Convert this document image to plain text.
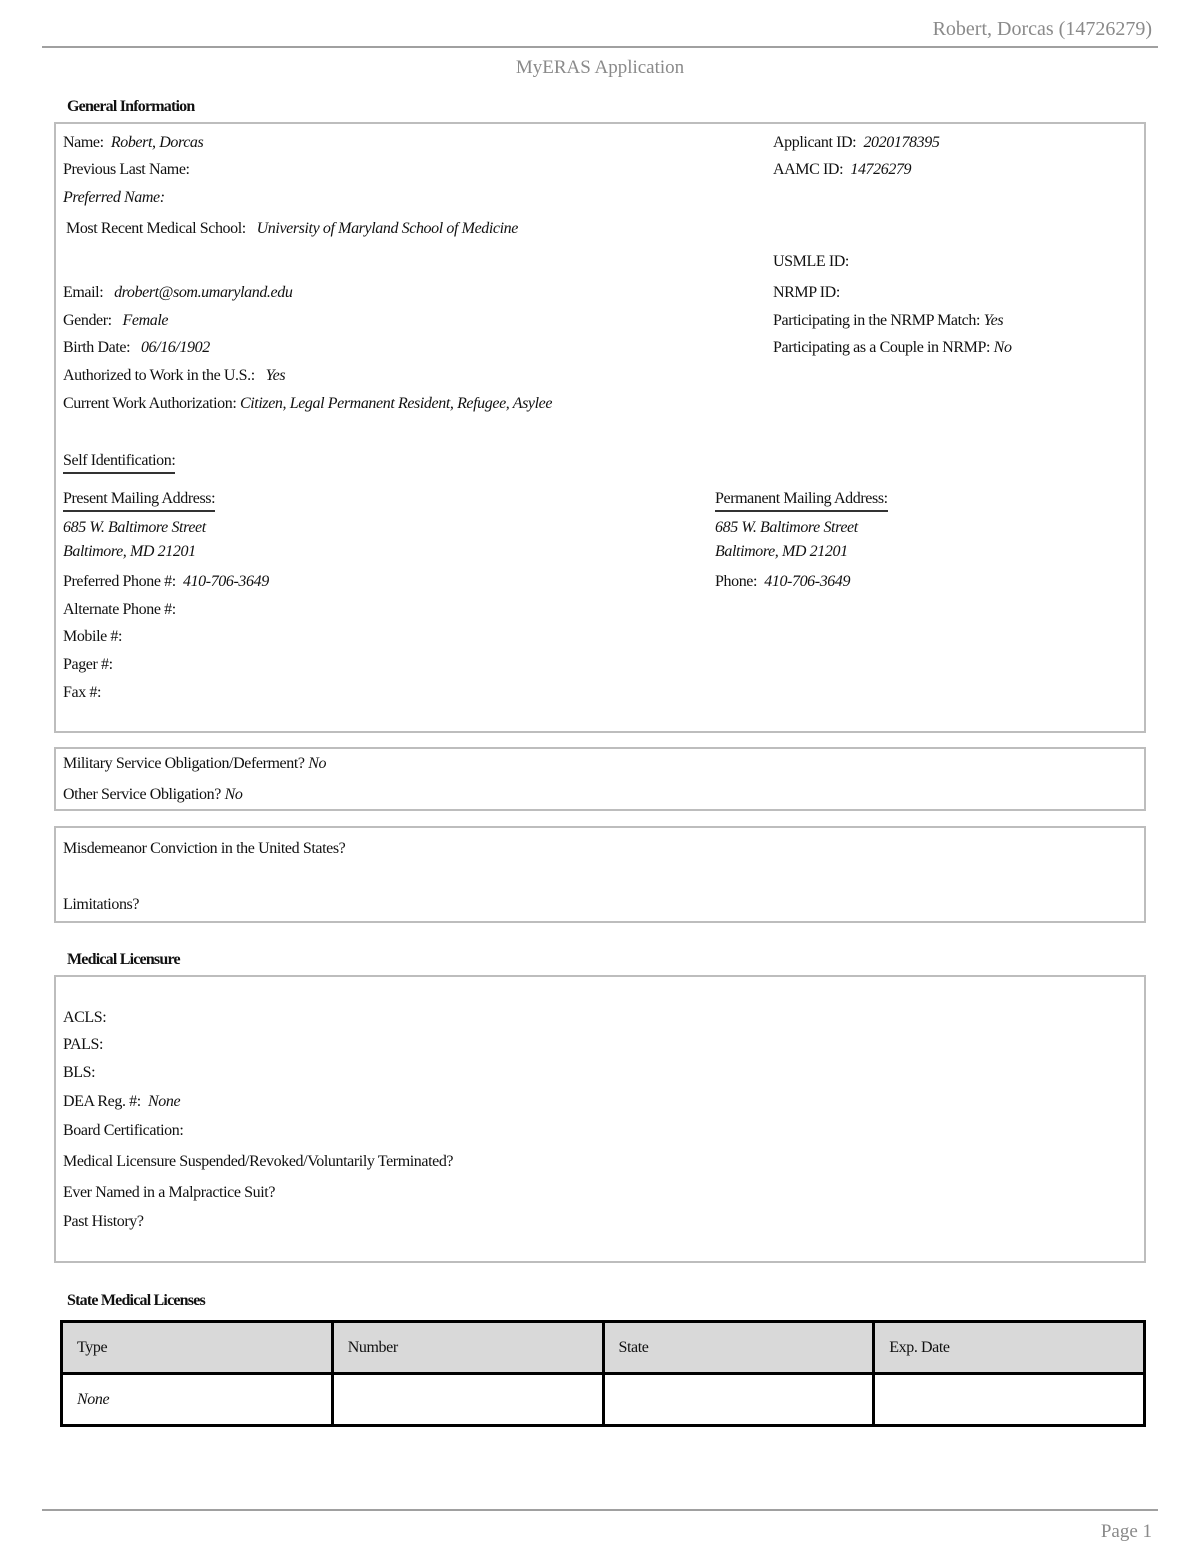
Robert, Dorcas (14726279)
MyERAS Application
General Information
Name: Robert, Dorcas
Previous Last Name:
Preferred Name:
Most Recent Medical School: University of Maryland School of Medicine
Email: drobert@som.umaryland.edu
Gender: Female
Birth Date: 06/16/1902
Authorized to Work in the U.S.: Yes
Current Work Authorization: Citizen, Legal Permanent Resident, Refugee, Asylee
Applicant ID: 2020178395
AAMC ID: 14726279
USMLE ID:
NRMP ID:
Participating in the NRMP Match: Yes
Participating as a Couple in NRMP: No
Self Identification:
Present Mailing Address:
685 W. Baltimore Street
Baltimore, MD 21201
Preferred Phone #: 410-706-3649
Alternate Phone #:
Mobile #:
Pager #:
Fax #:
Permanent Mailing Address:
685 W. Baltimore Street
Baltimore, MD 21201
Phone: 410-706-3649
Military Service Obligation/Deferment? No
Other Service Obligation? No
Misdemeanor Conviction in the United States?
Limitations?
Medical Licensure
ACLS:
PALS:
BLS:
DEA Reg. #: None
Board Certification:
Medical Licensure Suspended/Revoked/Voluntarily Terminated?
Ever Named in a Malpractice Suit?
Past History?
State Medical Licenses
Type	Number	State	Exp. Date
None			
Page 1
